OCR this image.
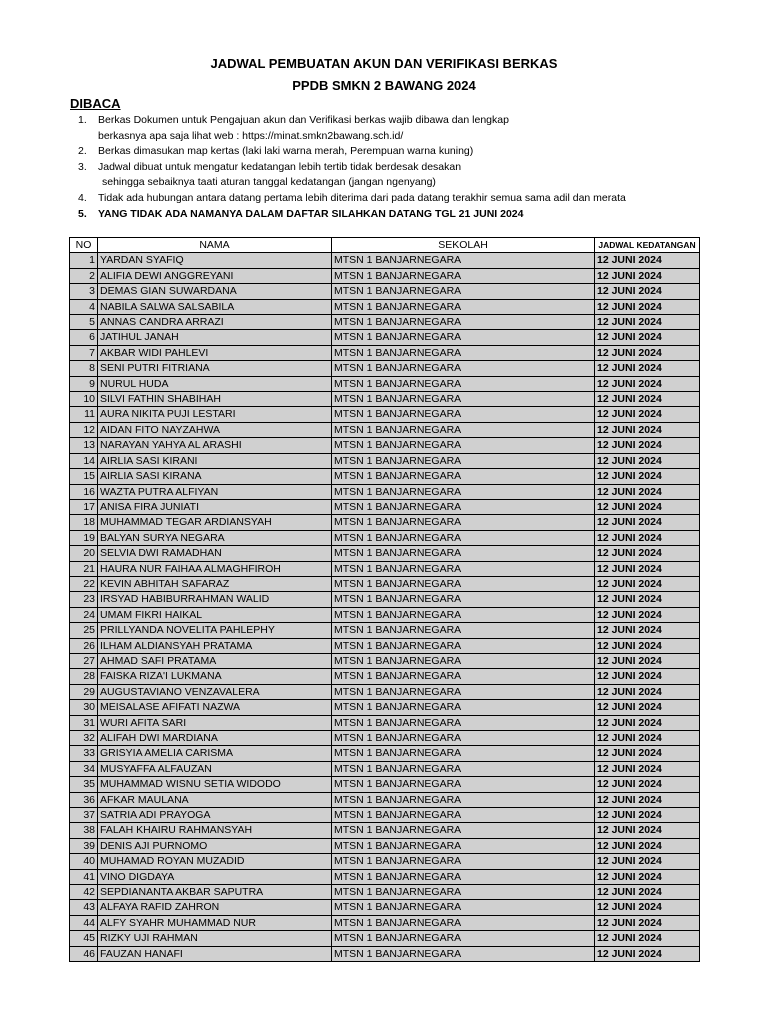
JADWAL PEMBUATAN AKUN DAN VERIFIKASI BERKAS
PPDB SMKN 2 BAWANG 2024
DIBACA
1. Berkas Dokumen untuk Pengajuan akun dan Verifikasi berkas wajib dibawa dan lengkap
berkasnya apa saja lihat web : https://minat.smkn2bawang.sch.id/
2. Berkas dimasukan map kertas (laki laki warna merah, Perempuan warna kuning)
3. Jadwal dibuat untuk mengatur kedatangan lebih tertib tidak berdesak desakan
sehingga sebaiknya taati aturan tanggal kedatangan (jangan ngenyang)
4. Tidak ada hubungan antara datang pertama lebih diterima dari pada datang terakhir semua sama adil dan merata
5. YANG TIDAK ADA NAMANYA DALAM DAFTAR SILAHKAN DATANG TGL 21 JUNI 2024
NO	NAMA	SEKOLAH	JADWAL KEDATANGAN
1	YARDAN SYAFIQ	MTSN 1 BANJARNEGARA	12 JUNI 2024
2	ALIFIA DEWI ANGGREYANI	MTSN 1 BANJARNEGARA	12 JUNI 2024
3	DEMAS GIAN SUWARDANA	MTSN 1 BANJARNEGARA	12 JUNI 2024
4	NABILA SALWA SALSABILA	MTSN 1 BANJARNEGARA	12 JUNI 2024
5	ANNAS CANDRA ARRAZI	MTSN 1 BANJARNEGARA	12 JUNI 2024
6	JATIHUL JANAH	MTSN 1 BANJARNEGARA	12 JUNI 2024
7	AKBAR WIDI PAHLEVI	MTSN 1 BANJARNEGARA	12 JUNI 2024
8	SENI PUTRI FITRIANA	MTSN 1 BANJARNEGARA	12 JUNI 2024
9	NURUL HUDA	MTSN 1 BANJARNEGARA	12 JUNI 2024
10	SILVI FATHIN SHABIHAH	MTSN 1 BANJARNEGARA	12 JUNI 2024
11	AURA NIKITA PUJI LESTARI	MTSN 1 BANJARNEGARA	12 JUNI 2024
12	AIDAN FITO NAYZAHWA	MTSN 1 BANJARNEGARA	12 JUNI 2024
13	NARAYAN YAHYA AL ARASHI	MTSN 1 BANJARNEGARA	12 JUNI 2024
14	AIRLIA SASI KIRANI	MTSN 1 BANJARNEGARA	12 JUNI 2024
15	AIRLIA SASI KIRANA	MTSN 1 BANJARNEGARA	12 JUNI 2024
16	WAZTA PUTRA ALFIYAN	MTSN 1 BANJARNEGARA	12 JUNI 2024
17	ANISA FIRA JUNIATI	MTSN 1 BANJARNEGARA	12 JUNI 2024
18	MUHAMMAD TEGAR ARDIANSYAH	MTSN 1 BANJARNEGARA	12 JUNI 2024
19	BALYAN SURYA NEGARA	MTSN 1 BANJARNEGARA	12 JUNI 2024
20	SELVIA DWI RAMADHAN	MTSN 1 BANJARNEGARA	12 JUNI 2024
21	HAURA NUR FAIHAA ALMAGHFIROH	MTSN 1 BANJARNEGARA	12 JUNI 2024
22	KEVIN ABHITAH SAFARAZ	MTSN 1 BANJARNEGARA	12 JUNI 2024
23	IRSYAD HABIBURRAHMAN WALID	MTSN 1 BANJARNEGARA	12 JUNI 2024
24	UMAM FIKRI HAIKAL	MTSN 1 BANJARNEGARA	12 JUNI 2024
25	PRILLYANDA NOVELITA PAHLEPHY	MTSN 1 BANJARNEGARA	12 JUNI 2024
26	ILHAM ALDIANSYAH PRATAMA	MTSN 1 BANJARNEGARA	12 JUNI 2024
27	AHMAD SAFI PRATAMA	MTSN 1 BANJARNEGARA	12 JUNI 2024
28	FAISKA RIZA'I LUKMANA	MTSN 1 BANJARNEGARA	12 JUNI 2024
29	AUGUSTAVIANO VENZAVALERA	MTSN 1 BANJARNEGARA	12 JUNI 2024
30	MEISALASE AFIFATI NAZWA	MTSN 1 BANJARNEGARA	12 JUNI 2024
31	WURI AFITA SARI	MTSN 1 BANJARNEGARA	12 JUNI 2024
32	ALIFAH DWI MARDIANA	MTSN 1 BANJARNEGARA	12 JUNI 2024
33	GRISYIA AMELIA CARISMA	MTSN 1 BANJARNEGARA	12 JUNI 2024
34	MUSYAFFA ALFAUZAN	MTSN 1 BANJARNEGARA	12 JUNI 2024
35	MUHAMMAD WISNU SETIA WIDODO	MTSN 1 BANJARNEGARA	12 JUNI 2024
36	AFKAR MAULANA	MTSN 1 BANJARNEGARA	12 JUNI 2024
37	SATRIA ADI PRAYOGA	MTSN 1 BANJARNEGARA	12 JUNI 2024
38	FALAH KHAIRU RAHMANSYAH	MTSN 1 BANJARNEGARA	12 JUNI 2024
39	DENIS AJI PURNOMO	MTSN 1 BANJARNEGARA	12 JUNI 2024
40	MUHAMAD ROYAN MUZADID	MTSN 1 BANJARNEGARA	12 JUNI 2024
41	VINO DIGDAYA	MTSN 1 BANJARNEGARA	12 JUNI 2024
42	SEPDIANANTA AKBAR SAPUTRA	MTSN 1 BANJARNEGARA	12 JUNI 2024
43	ALFAYA RAFID ZAHRON	MTSN 1 BANJARNEGARA	12 JUNI 2024
44	ALFY SYAHR MUHAMMAD NUR	MTSN 1 BANJARNEGARA	12 JUNI 2024
45	RIZKY UJI RAHMAN	MTSN 1 BANJARNEGARA	12 JUNI 2024
46	FAUZAN HANAFI	MTSN 1 BANJARNEGARA	12 JUNI 2024
